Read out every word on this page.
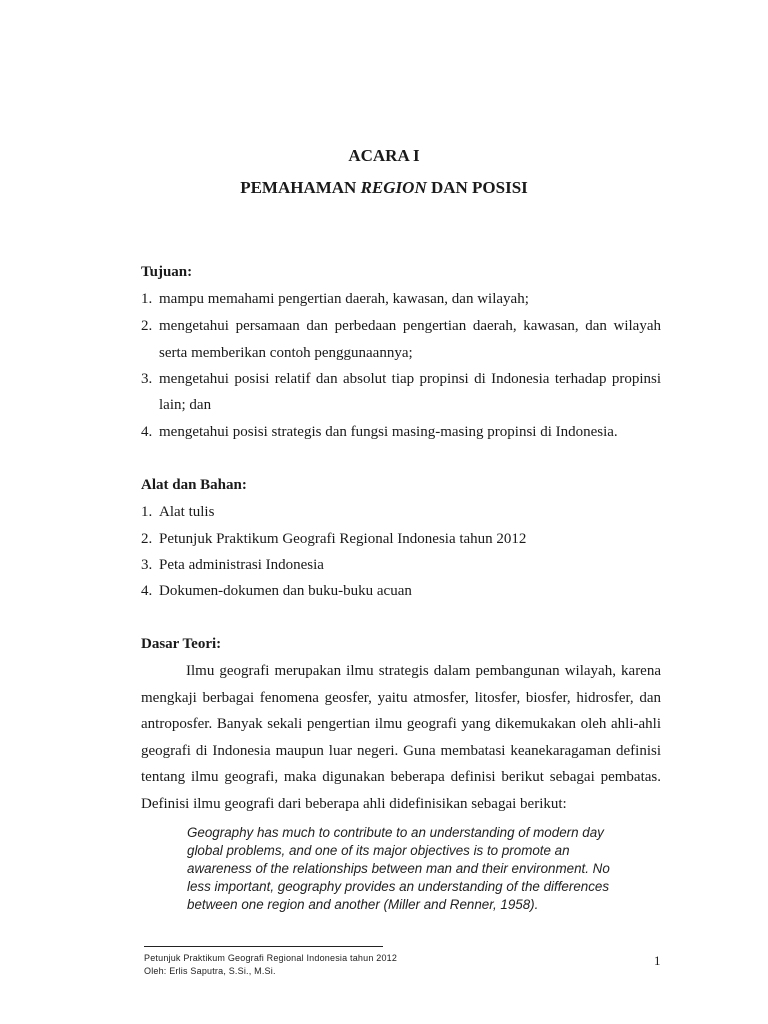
ACARA I
PEMAHAMAN REGION DAN POSISI
Tujuan:
1. mampu memahami pengertian daerah, kawasan, dan wilayah;
2. mengetahui persamaan dan perbedaan pengertian daerah, kawasan, dan wilayah
serta memberikan contoh penggunaannya;
3. mengetahui posisi relatif dan absolut tiap propinsi di Indonesia terhadap propinsi
lain; dan
4. mengetahui posisi strategis dan fungsi masing-masing propinsi di Indonesia.
Alat dan Bahan:
1. Alat tulis
2. Petunjuk Praktikum Geografi Regional Indonesia tahun 2012
3. Peta administrasi Indonesia
4. Dokumen-dokumen dan buku-buku acuan
Dasar Teori:
Ilmu geografi merupakan ilmu strategis dalam pembangunan wilayah, karena
mengkaji berbagai fenomena geosfer, yaitu atmosfer, litosfer, biosfer, hidrosfer, dan
antroposfer. Banyak sekali pengertian ilmu geografi yang dikemukakan oleh ahli-ahli
geografi di Indonesia maupun luar negeri. Guna membatasi keanekaragaman definisi
tentang ilmu geografi, maka digunakan beberapa definisi berikut sebagai pembatas.
Definisi ilmu geografi dari beberapa ahli didefinisikan sebagai berikut:
Geography has much to contribute to an understanding of modern day
global problems, and one of its major objectives is to promote an
awareness of the relationships between man and their environment. No
less important, geography provides an understanding of the differences
between one region and another (Miller and Renner, 1958).
Petunjuk Praktikum Geografi Regional Indonesia tahun 2012
Oleh: Erlis Saputra, S.Si., M.Si.
1
